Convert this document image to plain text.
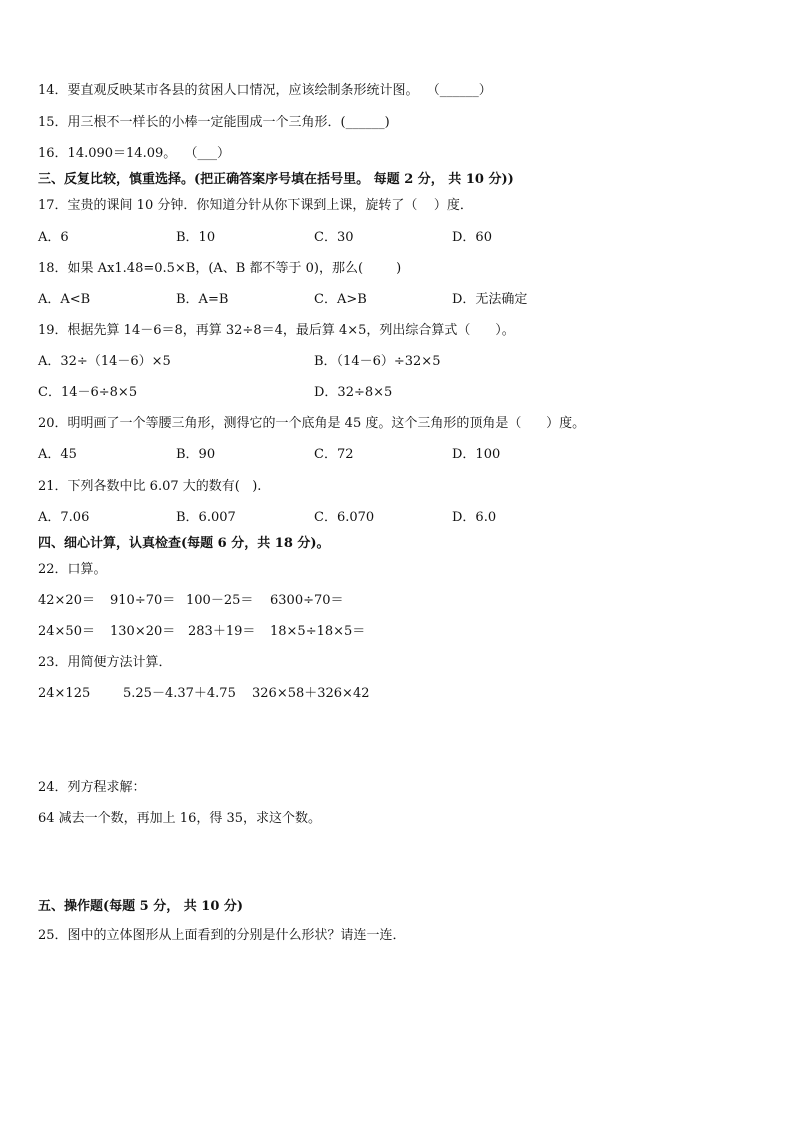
14．要直观反映某市各县的贫困人口情况，应该绘制条形统计图。  （______）
15．用三根不一样长的小棒一定能围成一个三角形．(______)
16．14.090＝14.09。  （___）
三、反复比较，慎重选择。(把正确答案序号填在括号里。 每题 2 分， 共 10 分))
17．宝贵的课间 10 分钟．你知道分针从你下课到上课，旋转了（    ）度．
A．6	B．10	C．30	D．60
18．如果 Ax1.48=0.5×B，(A、B 都不等于 0)，那么(        )
A．A<B	B．A=B	C．A>B	D．无法确定
19．根据先算 14－6＝8，再算 32÷8＝4，最后算 4×5，列出综合算式（      ）。
A．32÷（14－6）×5	B．（14－6）÷32×5
C．14－6÷8×5	D．32÷8×5
20．明明画了一个等腰三角形，测得它的一个底角是 45 度。这个三角形的顶角是（      ）度。
A．45	B．90	C．72	D．100
21．下列各数中比 6.07 大的数有(   ).
A．7.06	B．6.007	C．6.070	D．6.0
四、细心计算，认真检查(每题 6 分，共 18 分)。
22．口算。
42×20＝ 910÷70＝ 100－25＝ 6300÷70＝
24×50＝ 130×20＝ 283＋19＝ 18×5÷18×5＝
23．用简便方法计算．
24×125	5.25－4.37＋4.75 326×58＋326×42
24．列方程求解：
64 减去一个数，再加上 16，得 35，求这个数。
五、操作题(每题 5 分， 共 10 分)
25．图中的立体图形从上面看到的分别是什么形状？请连一连．
